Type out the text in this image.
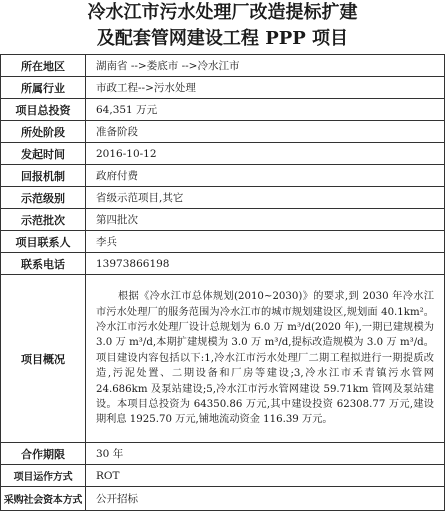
冷水江市污水处理厂改造提标扩建
及配套管网建设工程 PPP 项目
所在地区	湖南省 -->娄底市 -->冷水江市
所属行业	市政工程-->污水处理
项目总投资	64,351 万元
所处阶段	准备阶段
发起时间	2016-10-12
回报机制	政府付费
示范级别	省级示范项目,其它
示范批次	第四批次
项目联系人	李兵
联系电话	13973866198
项目概况	根据《冷水江市总体规划(2010~2030)》的要求,到 2030 年冷水江市污水处理厂的服务范围为冷水江市的城市规划建设区,规划面 40.1km²。冷水江市污水处理厂设计总规划为 6.0 万 m³/d(2020 年),一期已建规模为 3.0 万 m³/d,本期扩建规模为 3.0 万 m³/d,提标改造规模为 3.0 万 m³/d。项目建设内容包括以下:1,冷水江市污水处理厂二期工程拟进行一期提质改造,污泥处置、二期设备和厂房等建设;3,冷水江市禾青镇污水管网 24.686km 及泵站建设;5,冷水江市污水管网建设 59.71km 管网及泵站建设。本项目总投资为 64350.86 万元,其中建设投资 62308.77 万元,建设期利息 1925.70 万元,铺地流动资金 116.39 万元。
合作期限	30 年
项目运作方式	ROT
采购社会资本方式	公开招标
